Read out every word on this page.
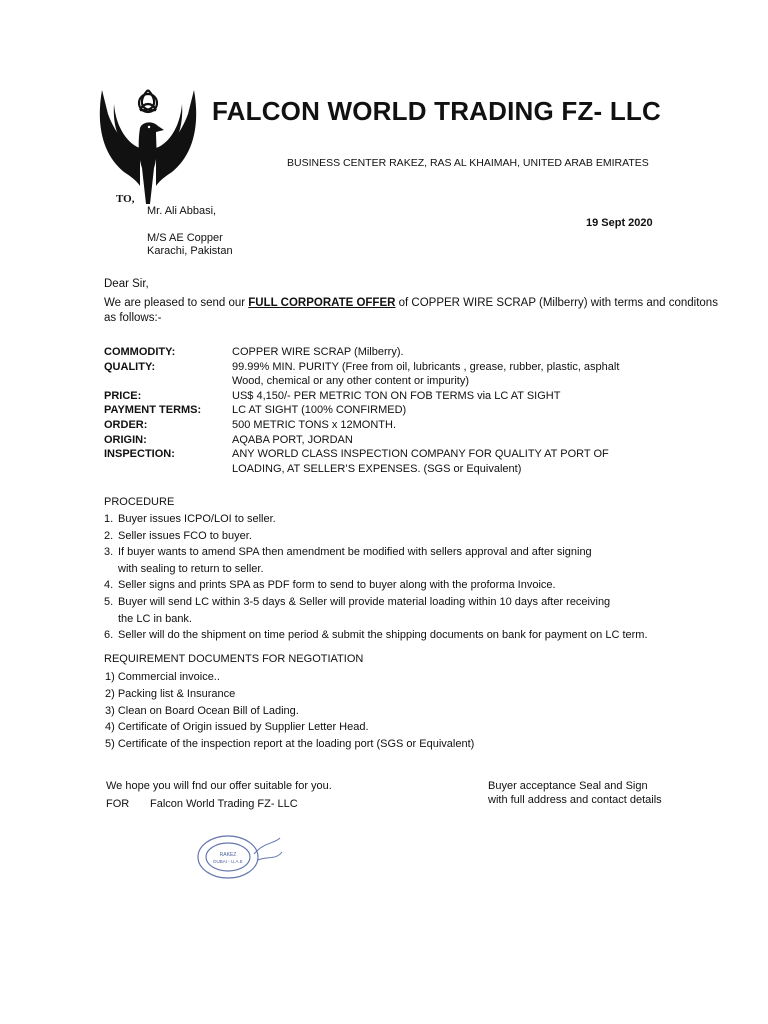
FALCON WORLD TRADING FZ- LLC
BUSINESS CENTER RAKEZ, RAS AL KHAIMAH, UNITED ARAB EMIRATES
TO,
Mr. Ali Abbasi,
M/S AE Copper
Karachi, Pakistan
19 Sept 2020
Dear Sir,
We are pleased to send our FULL CORPORATE OFFER of COPPER WIRE SCRAP (Milberry) with terms and conditons
as follows:-
COMMODITY:	COPPER WIRE SCRAP (Milberry).
QUALITY:	99.99% MIN. PURITY (Free from oil, lubricants , grease, rubber, plastic, asphalt
Wood, chemical or any other content or impurity)

PRICE:	US$ 4,150/- PER METRIC TON ON FOB TERMS via LC AT SIGHT
PAYMENT TERMS:	LC AT SIGHT (100% CONFIRMED)
ORDER:	500 METRIC TONS x 12MONTH.
ORIGIN:	AQABA PORT, JORDAN
INSPECTION:	ANY WORLD CLASS INSPECTION COMPANY FOR QUALITY AT PORT OF
LOADING, AT SELLER’S EXPENSES. (SGS or Equivalent)
PROCEDURE
1. Buyer issues ICPO/LOI to seller.
2. Seller issues FCO to buyer.
3. If buyer wants to amend SPA then amendment be modified with sellers approval and after signing
with sealing to return to seller.
4. Seller signs and prints SPA as PDF form to send to buyer along with the proforma Invoice.
5. Buyer will send LC within 3-5 days & Seller will provide material loading within 10 days after receiving
the LC in bank.
6. Seller will do the shipment on time period & submit the shipping documents on bank for payment on LC term.
REQUIREMENT DOCUMENTS FOR NEGOTIATION
1) Commercial invoice..
2) Packing list & Insurance
3) Clean on Board Ocean Bill of Lading.
4) Certificate of Origin issued by Supplier Letter Head.
5) Certificate of the inspection report at the loading port (SGS or Equivalent)
We hope you will fnd our offer suitable for you.
FOR Falcon World Trading FZ- LLC
Buyer acceptance Seal and Sign
with full address and contact details
RAKEZ
DUBAI - U.A.E
